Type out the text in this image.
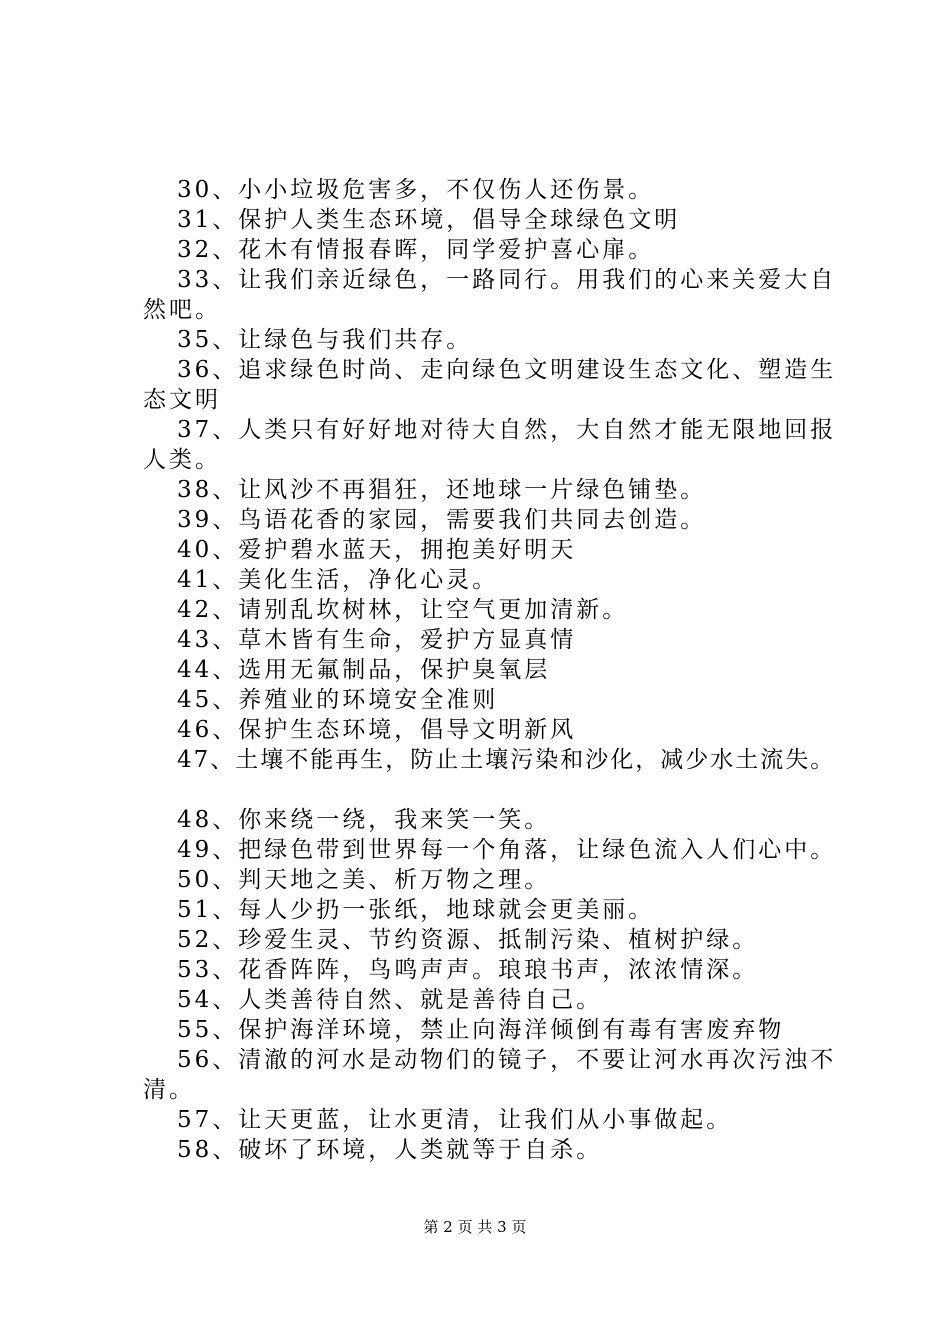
30、小小垃圾危害多，不仅伤人还伤景。
31、保护人类生态环境，倡导全球绿色文明
32、花木有情报春晖，同学爱护喜心扉。
33、让我们亲近绿色，一路同行。用我们的心来关爱大自
然吧。
35、让绿色与我们共存。
36、追求绿色时尚、走向绿色文明建设生态文化、塑造生
态文明
37、人类只有好好地对待大自然，大自然才能无限地回报
人类。
38、让风沙不再猖狂，还地球一片绿色铺垫。
39、鸟语花香的家园，需要我们共同去创造。
40、爱护碧水蓝天，拥抱美好明天
41、美化生活，净化心灵。
42、请别乱坎树林，让空气更加清新。
43、草木皆有生命，爱护方显真情
44、选用无氟制品，保护臭氧层
45、养殖业的环境安全准则
46、保护生态环境，倡导文明新风
47、土壤不能再生，防止土壤污染和沙化，减少水土流失。
48、你来绕一绕，我来笑一笑。
49、把绿色带到世界每一个角落，让绿色流入人们心中。
50、判天地之美、析万物之理。
51、每人少扔一张纸，地球就会更美丽。
52、珍爱生灵、节约资源、抵制污染、植树护绿。
53、花香阵阵，鸟鸣声声。琅琅书声，浓浓情深。
54、人类善待自然、就是善待自己。
55、保护海洋环境，禁止向海洋倾倒有毒有害废弃物
56、清澈的河水是动物们的镜子，不要让河水再次污浊不
清。
57、让天更蓝，让水更清，让我们从小事做起。
58、破坏了环境，人类就等于自杀。
第 2 页 共 3 页
